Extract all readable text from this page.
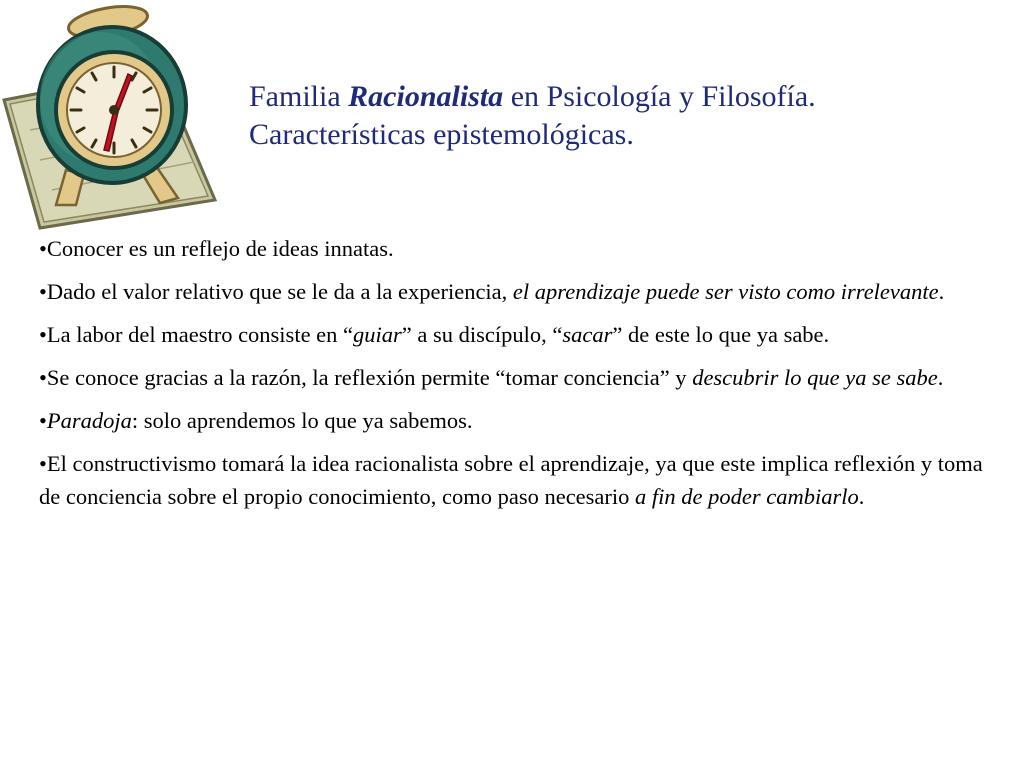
Familia Racionalista en Psicología y Filosofía.
Características epistemológicas.
•Conocer es un reflejo de ideas innatas.
•Dado el valor relativo que se le da a la experiencia, el aprendizaje puede ser visto como irrelevante.
•La labor del maestro consiste en “guiar” a su discípulo, “sacar” de este lo que ya sabe.
•Se conoce gracias a la razón, la reflexión permite “tomar conciencia” y descubrir lo que ya se sabe.
•Paradoja: solo aprendemos lo que ya sabemos.
•El constructivismo tomará la idea racionalista sobre el aprendizaje, ya que este implica reflexión y toma de conciencia sobre el propio conocimiento, como paso necesario a fin de poder cambiarlo.
